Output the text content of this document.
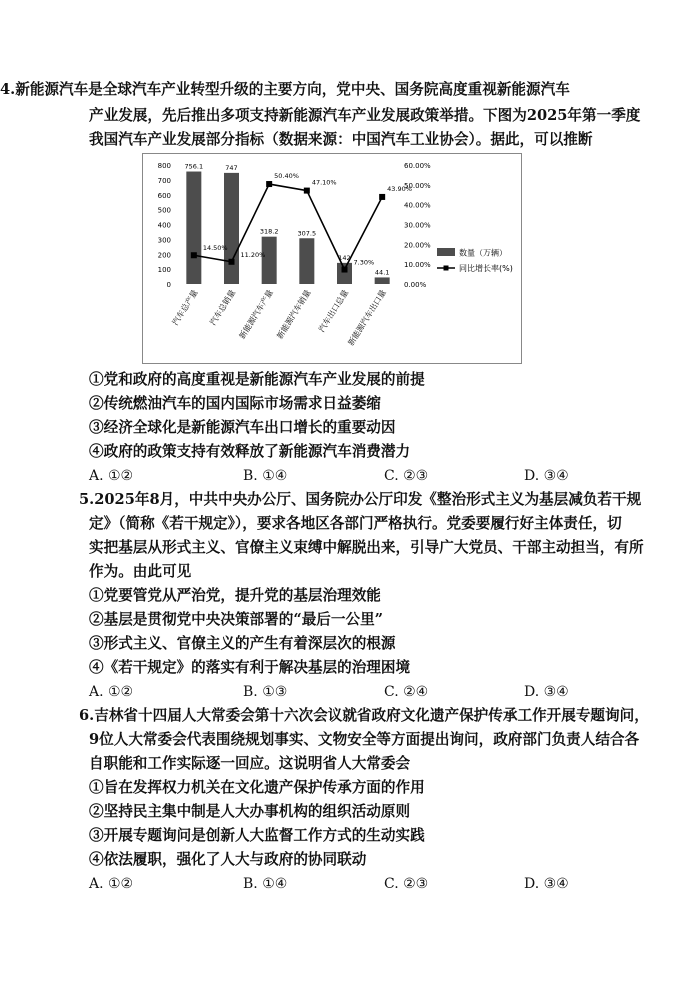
4.新能源汽车是全球汽车产业转型升级的主要方向，党中央、国务院高度重视新能源汽车
产业发展，先后推出多项支持新能源汽车产业发展政策举措。下图为2025年第一季度
我国汽车产业发展部分指标（数据来源：中国汽车工业协会）。据此，可以推断
0
100
200
300
400
500
600
700
800
0.00%
10.00%
20.00%
30.00%
40.00%
50.00%
60.00%
756.1	747
318.2	307.5
142
44.1
14.50%
11.20%
50.40%
47.10%
7.30%
43.90%
汽车总产量 汽车总销量 新能源汽车产量 新能源汽车销量 汽车出口总量
新能源汽车出口量
数量（万辆）
同比增长率(%)
①党和政府的高度重视是新能源汽车产业发展的前提
②传统燃油汽车的国内国际市场需求日益萎缩
③经济全球化是新能源汽车出口增长的重要动因
④政府的政策支持有效释放了新能源汽车消费潜力
A. ①②	B. ①④	C. ②③	D. ③④
5.2025年8月，中共中央办公厅、国务院办公厅印发《整治形式主义为基层减负若干规
定》（简称《若干规定》），要求各地区各部门严格执行。党委要履行好主体责任，切
实把基层从形式主义、官僚主义束缚中解脱出来，引导广大党员、干部主动担当，有所
作为。由此可见
①党要管党从严治党，提升党的基层治理效能
②基层是贯彻党中央决策部署的“最后一公里”
③形式主义、官僚主义的产生有着深层次的根源
④《若干规定》的落实有利于解决基层的治理困境
A. ①②	B. ①③	C. ②④	D. ③④
6.吉林省十四届人大常委会第十六次会议就省政府文化遗产保护传承工作开展专题询问，
9位人大常委会代表围绕规划事实、文物安全等方面提出询问，政府部门负责人结合各
自职能和工作实际逐一回应。这说明省人大常委会
①旨在发挥权力机关在文化遗产保护传承方面的作用
②坚持民主集中制是人大办事机构的组织活动原则
③开展专题询问是创新人大监督工作方式的生动实践
④依法履职，强化了人大与政府的协同联动
A. ①②	B. ①④	C. ②③	D. ③④
